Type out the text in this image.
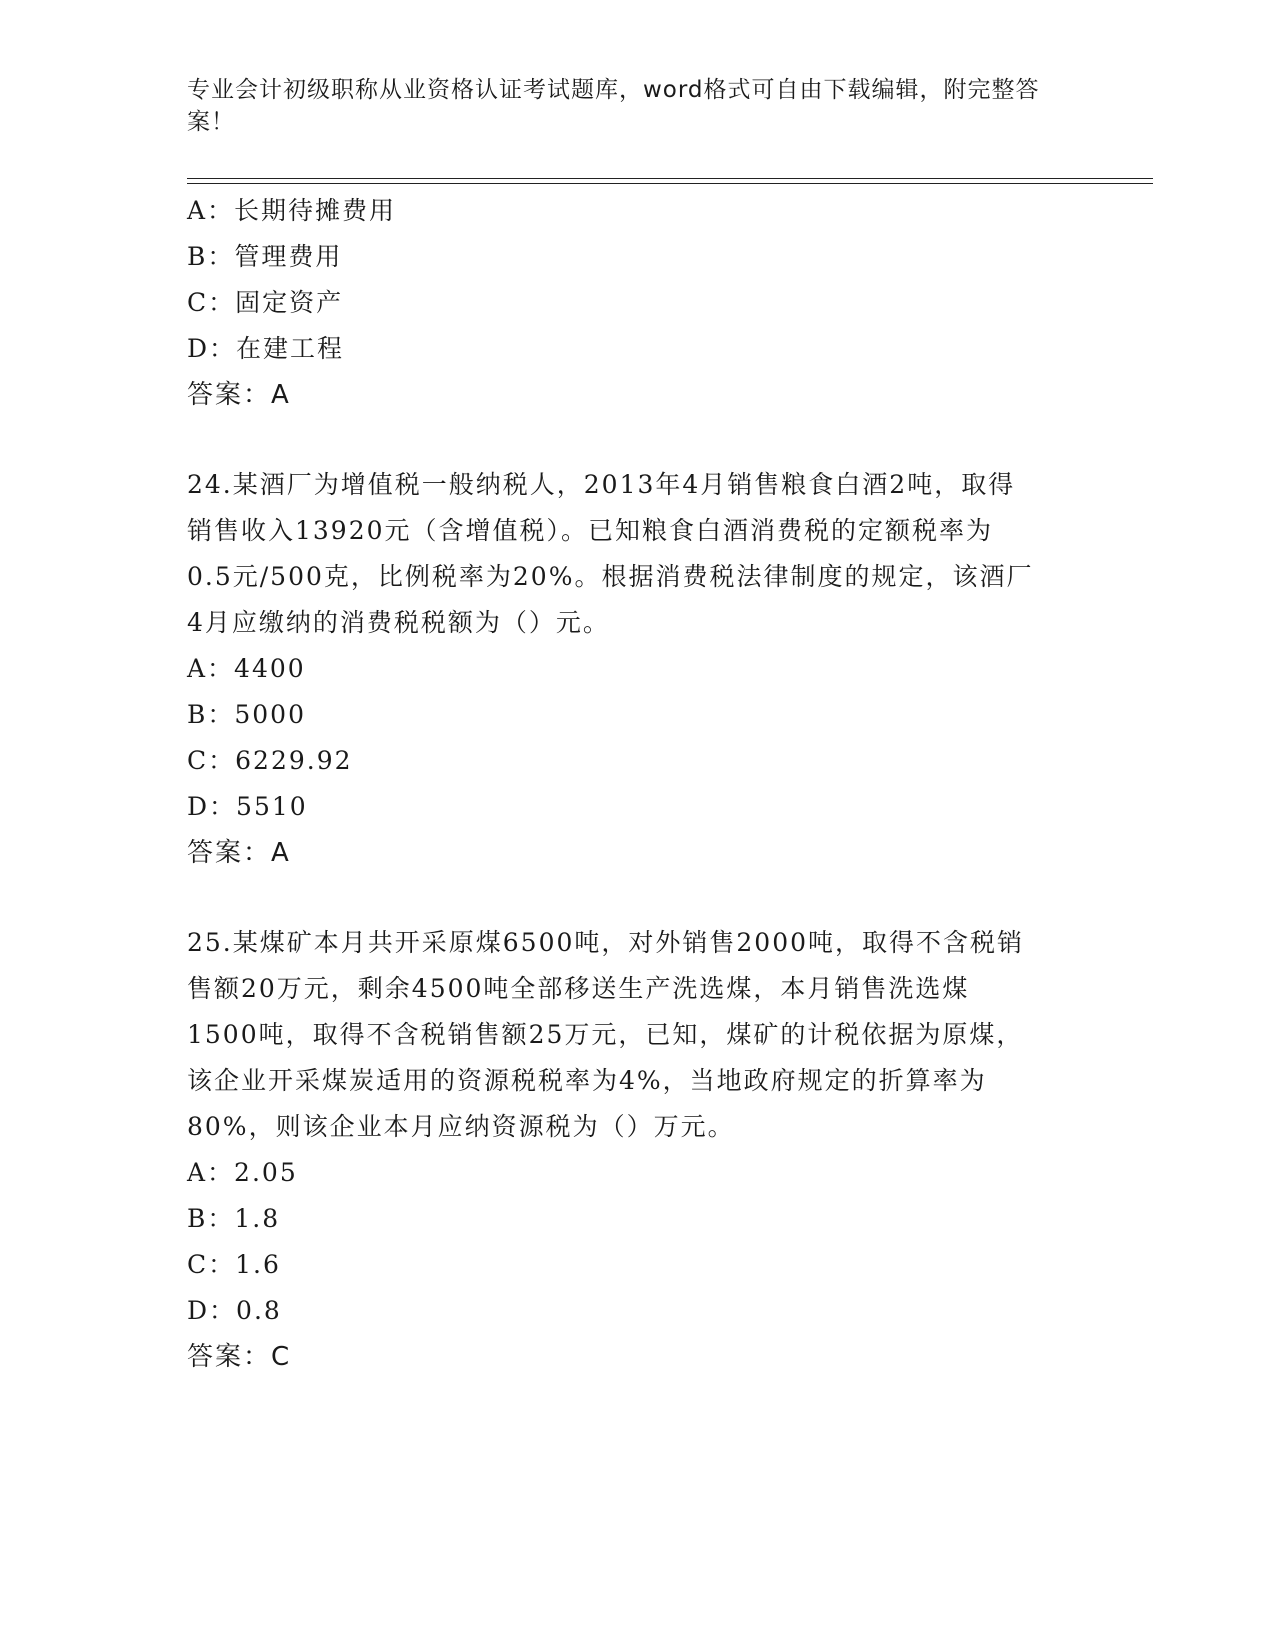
专业会计初级职称从业资格认证考试题库，word格式可自由下载编辑，附完整答案！
A：长期待摊费用
B：管理费用
C：固定资产
D：在建工程
答案：A
24.某酒厂为增值税一般纳税人，2013年4月销售粮食白酒2吨，取得
销售收入13920元（含增值税）。已知粮食白酒消费税的定额税率为
0.5元/500克，比例税率为20%。根据消费税法律制度的规定，该酒厂
4月应缴纳的消费税税额为（）元。
A：4400
B：5000
C：6229.92
D：5510
答案：A
25.某煤矿本月共开采原煤6500吨，对外销售2000吨，取得不含税销
售额20万元，剩余4500吨全部移送生产洗选煤，本月销售洗选煤
1500吨，取得不含税销售额25万元，已知，煤矿的计税依据为原煤，
该企业开采煤炭适用的资源税税率为4%，当地政府规定的折算率为
80%，则该企业本月应纳资源税为（）万元。
A：2.05
B：1.8
C：1.6
D：0.8
答案：C
